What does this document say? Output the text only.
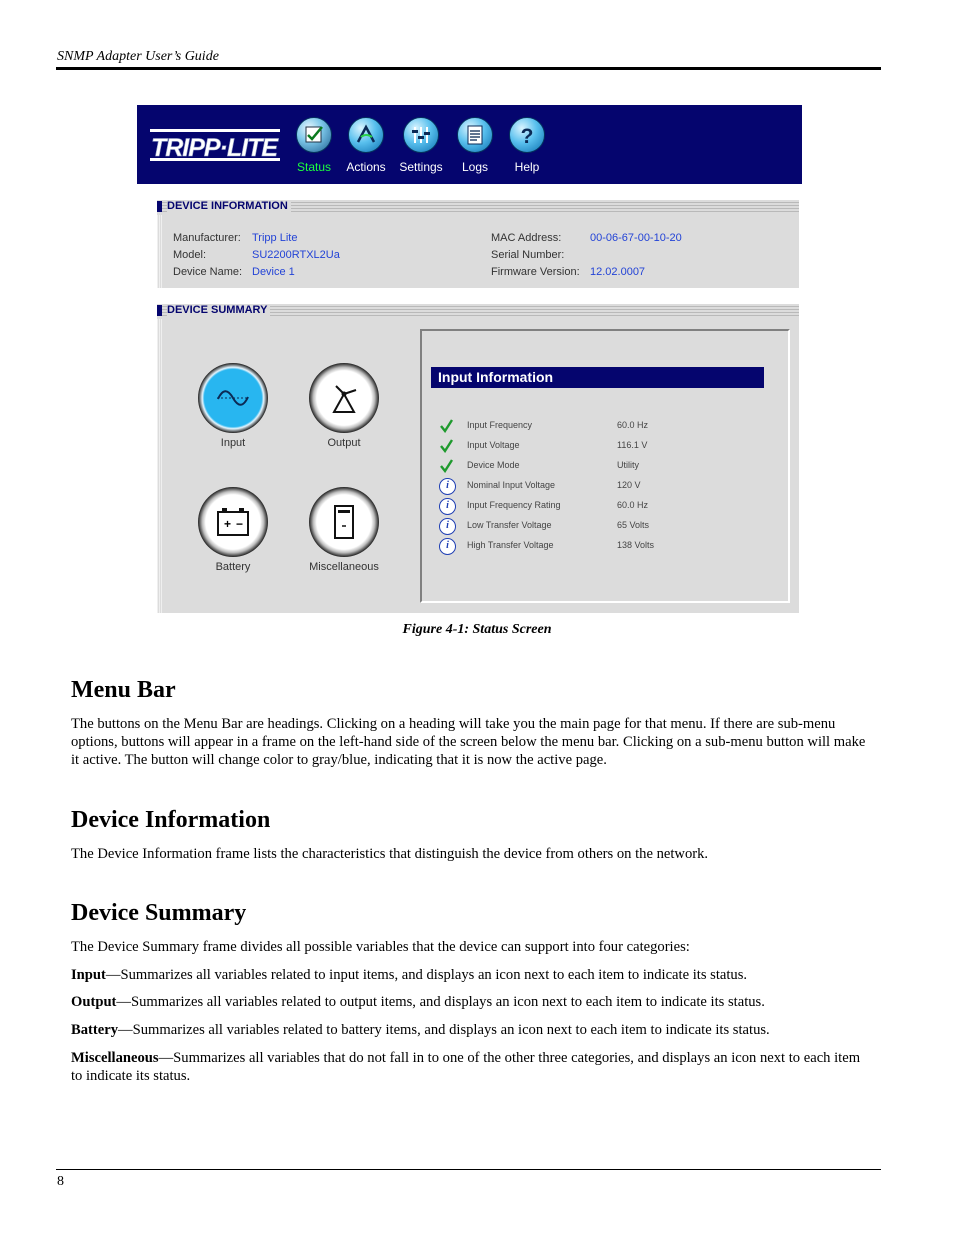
SNMP Adapter User’s Guide
TRIPP·LITE
Status	Actions	Settings	Logs
?
Help
DEVICE INFORMATION
Manufacturer: Tripp Lite
Model:	SU2200RTXL2Ua
Device Name: Device 1
MAC Address:	00-06-67-00-10-20
Serial Number:
Firmware Version: 12.02.0007
DEVICE SUMMARY
Input	Output
+ −
Battery	Miscellaneous
Input Information
Input Frequency	60.0 Hz
Input Voltage	116.1 V
Device Mode	Utility
i	Nominal Input Voltage	120 V
i	Input Frequency Rating	60.0 Hz
i	Low Transfer Voltage	65 Volts
i	High Transfer Voltage	138 Volts
Figure 4-1: Status Screen
Menu Bar

The buttons on the Menu Bar are headings. Clicking on a heading will take you the main page for that menu. If there are sub-menu options, buttons will appear in a frame on the left-hand side of the screen below the menu bar. Clicking on a sub-menu button will make it active. The button will change color to gray/blue, indicating that it is now the active page.

Device Information

The Device Information frame lists the characteristics that distinguish the device from others on the network.

Device Summary

The Device Summary frame divides all possible variables that the device can support into four categories:

Input—Summarizes all variables related to input items, and displays an icon next to each item to indicate its status.

Output—Summarizes all variables related to output items, and displays an icon next to each item to indicate its status.

Battery—Summarizes all variables related to battery items, and displays an icon next to each item to indicate its status.

Miscellaneous—Summarizes all variables that do not fall in to one of the other three categories, and displays an icon next to each item to indicate its status.

8
